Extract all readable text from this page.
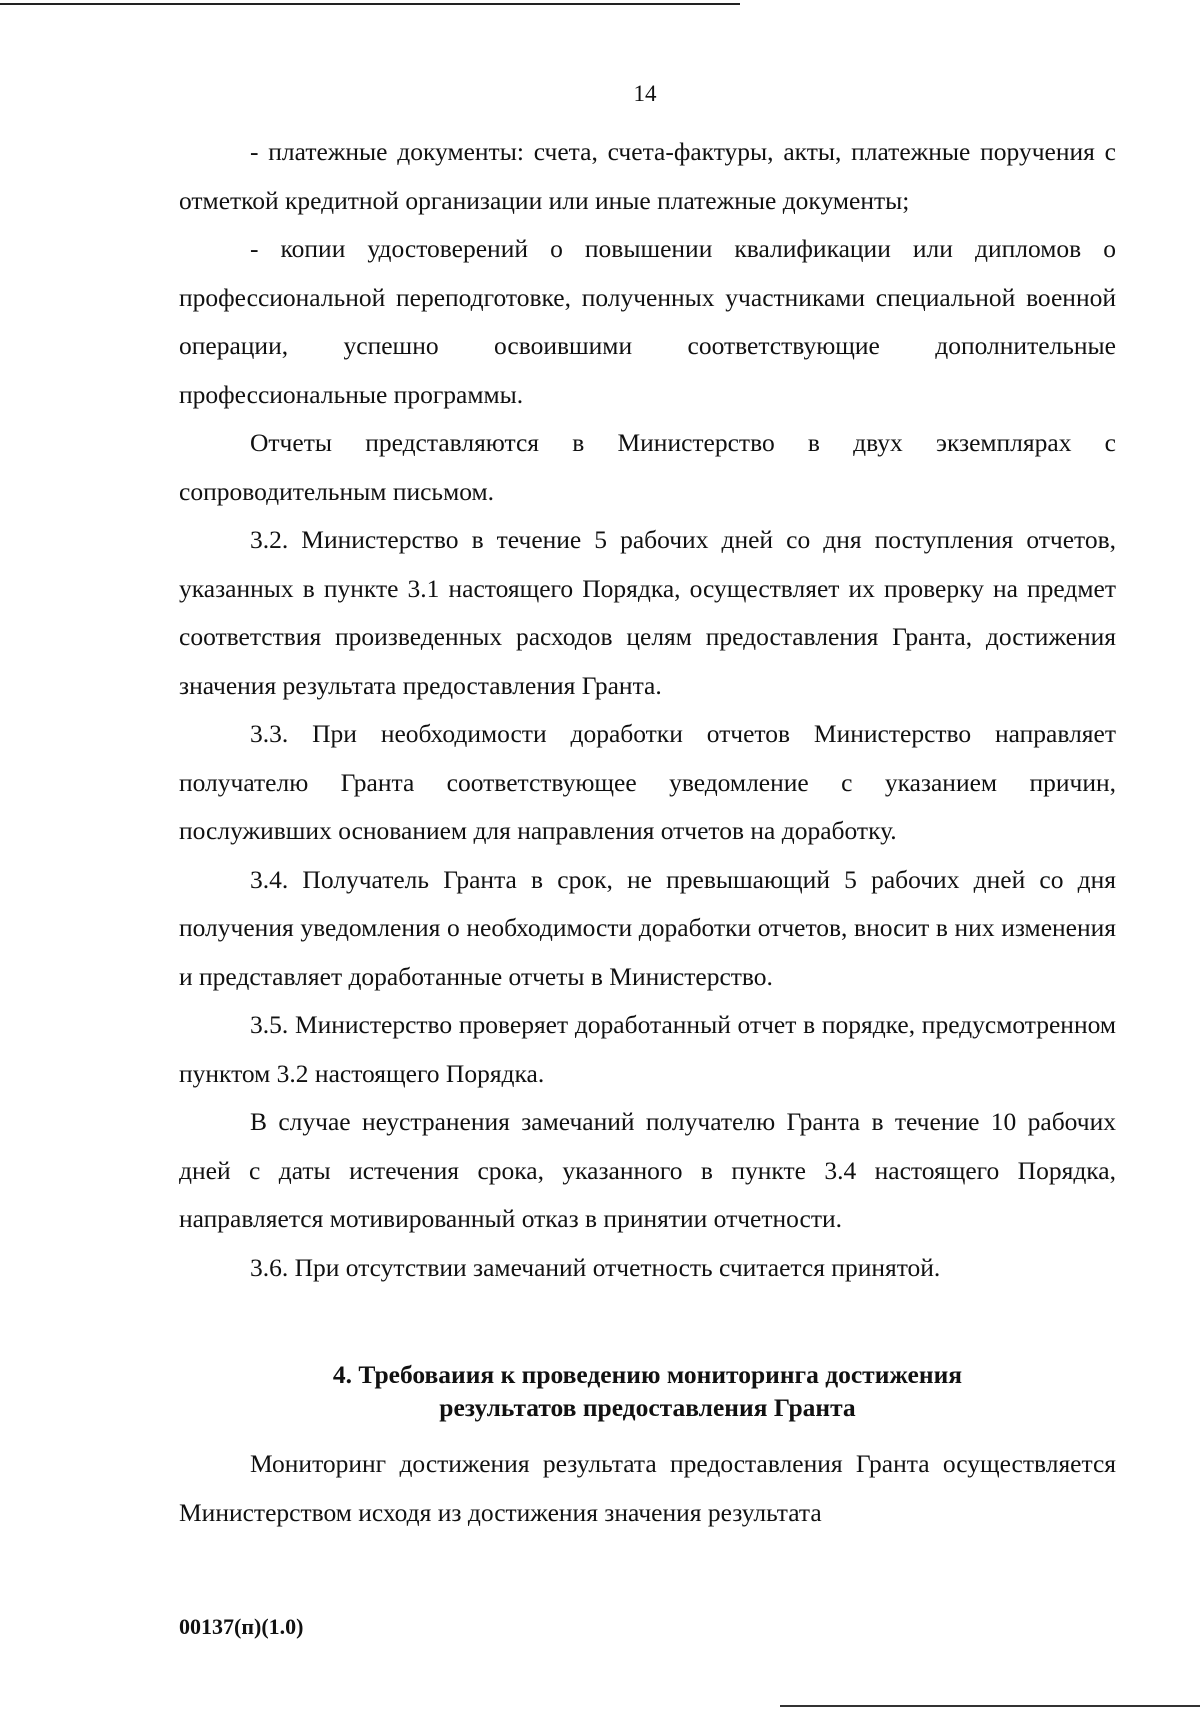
14

- платежные документы: счета, счета-фактуры, акты, платежные поручения с отметкой кредитной организации или иные платежные документы;

- копии удостоверений о повышении квалификации или дипломов о профессиональной переподготовке, полученных участниками специальной военной операции, успешно освоившими соответствующие дополнительные профессиональные программы.

Отчеты представляются в Министерство в двух экземплярах с сопроводительным письмом.

3.2. Министерство в течение 5 рабочих дней со дня поступления отчетов, указанных в пункте 3.1 настоящего Порядка, осуществляет их проверку на предмет соответствия произведенных расходов целям предоставления Гранта, достижения значения результата предоставления Гранта.

3.3. При необходимости доработки отчетов Министерство направляет получателю Гранта соответствующее уведомление с указанием причин, послуживших основанием для направления отчетов на доработку.

3.4. Получатель Гранта в срок, не превышающий 5 рабочих дней со дня получения уведомления о необходимости доработки отчетов, вносит в них изменения и представляет доработанные отчеты в Министерство.

3.5. Министерство проверяет доработанный отчет в порядке, предусмотренном пунктом 3.2 настоящего Порядка.

В случае неустранения замечаний получателю Гранта в течение 10 рабочих дней с даты истечения срока, указанного в пункте 3.4 настоящего Порядка, направляется мотивированный отказ в принятии отчетности.

3.6. При отсутствии замечаний отчетность считается принятой.

4. Требоваиия к проведению мониторинга достижения
результатов предоставления Гранта

Мониторинг достижения результата предоставления Гранта осуществляется Министерством исходя из достижения значения результата

00137(п)(1.0)
